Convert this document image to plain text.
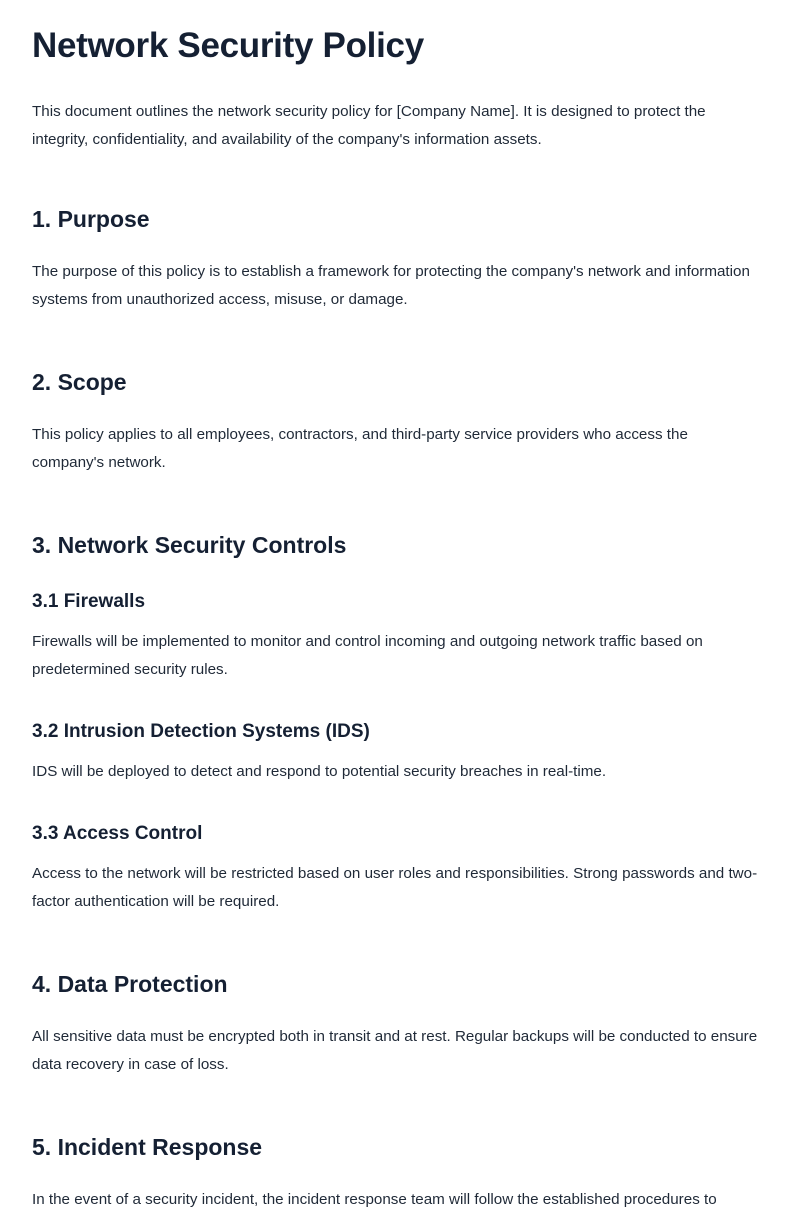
Network Security Policy

This document outlines the network security policy for [Company Name]. It is designed to protect the integrity, confidentiality, and availability of the company's information assets.

1. Purpose

The purpose of this policy is to establish a framework for protecting the company's network and information systems from unauthorized access, misuse, or damage.

2. Scope

This policy applies to all employees, contractors, and third-party service providers who access the company's network.

3. Network Security Controls
3.1 Firewalls

Firewalls will be implemented to monitor and control incoming and outgoing network traffic based on predetermined security rules.

3.2 Intrusion Detection Systems (IDS)

IDS will be deployed to detect and respond to potential security breaches in real-time.

3.3 Access Control

Access to the network will be restricted based on user roles and responsibilities. Strong passwords and two-factor authentication will be required.

4. Data Protection

All sensitive data must be encrypted both in transit and at rest. Regular backups will be conducted to ensure data recovery in case of loss.

5. Incident Response

In the event of a security incident, the incident response team will follow the established procedures to
